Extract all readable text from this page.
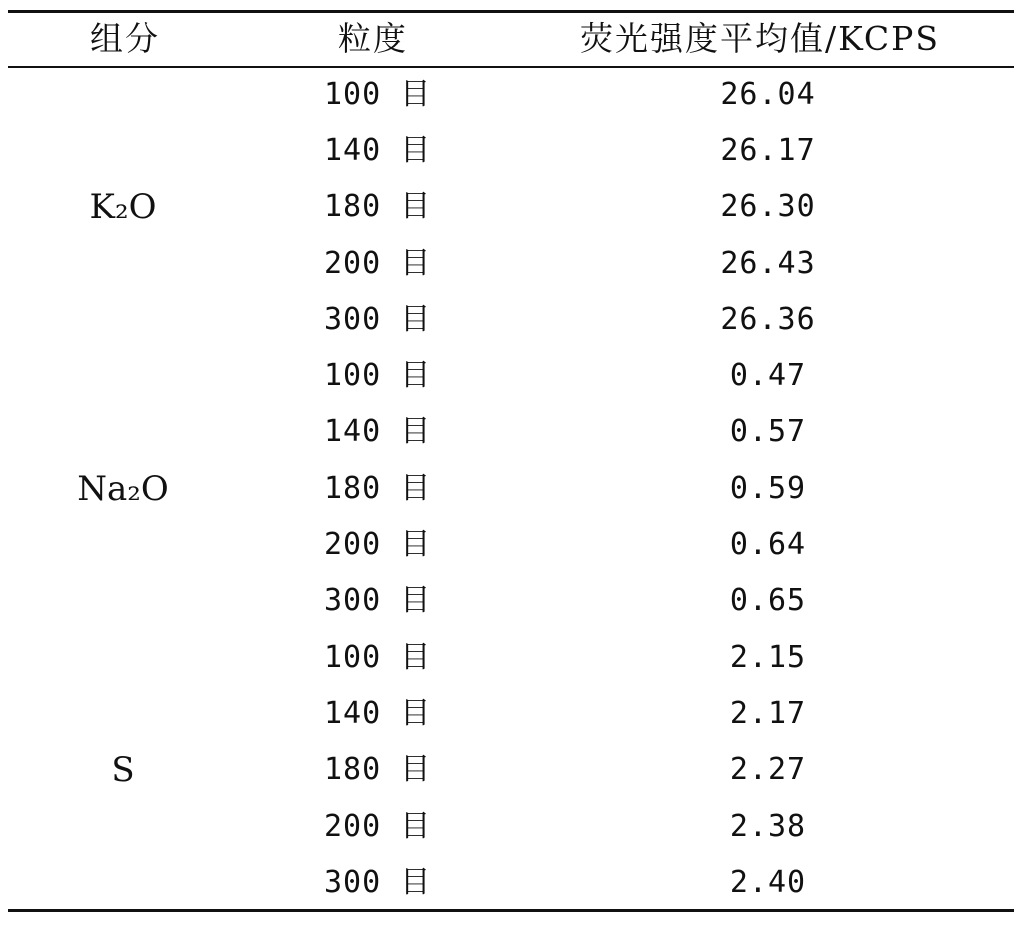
组分	粒度	荧光强度平均值/KCPS
K₂O
100 目	26.04
140 目	26.17
180 目	26.30
200 目	26.43
300 目	26.36
Na₂O
100 目	0.47
140 目	0.57
180 目	0.59
200 目	0.64
300 目	0.65
S
100 目	2.15
140 目	2.17
180 目	2.27
200 目	2.38
300 目	2.40
